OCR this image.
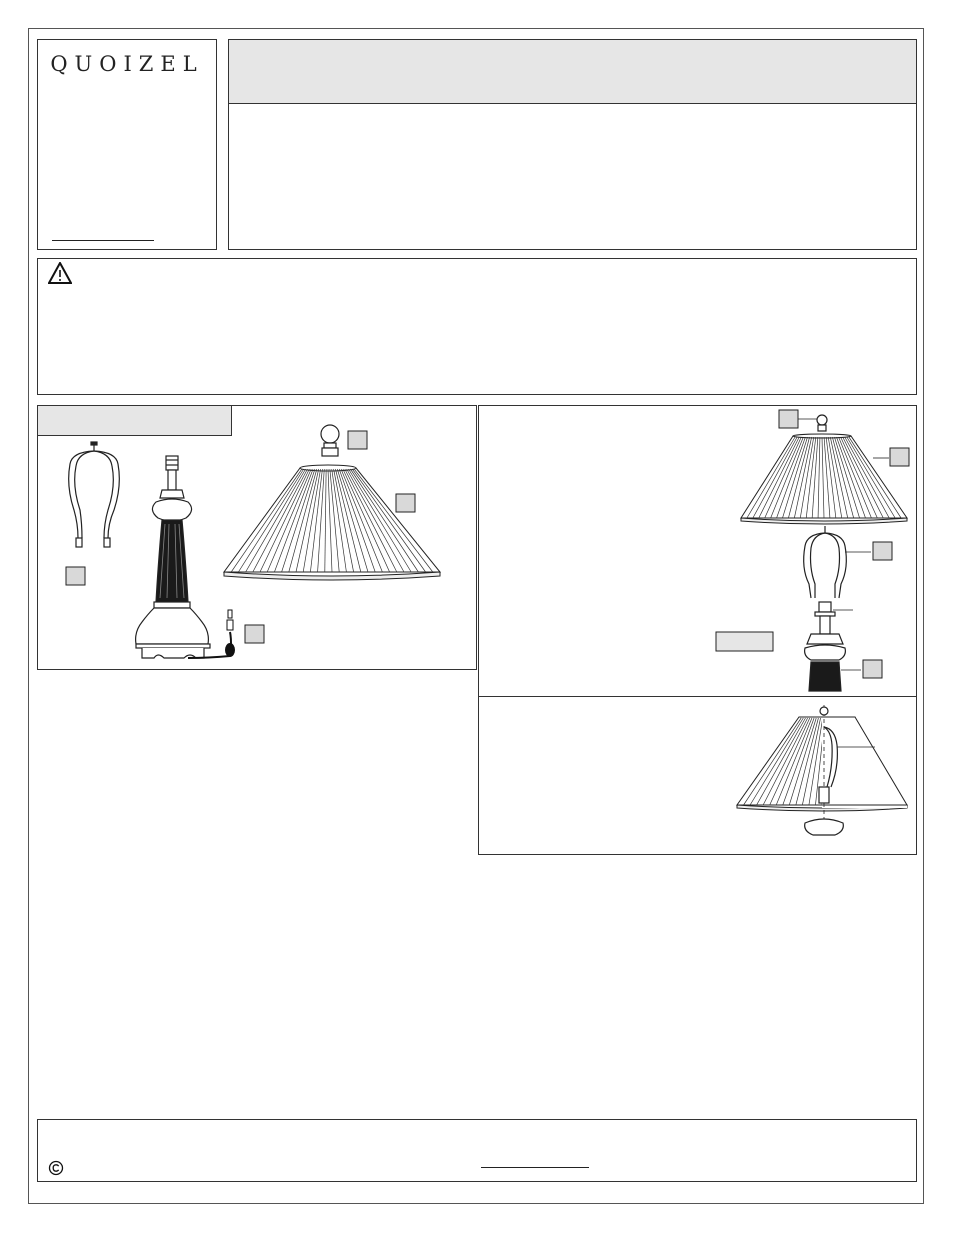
QUOIZEL
